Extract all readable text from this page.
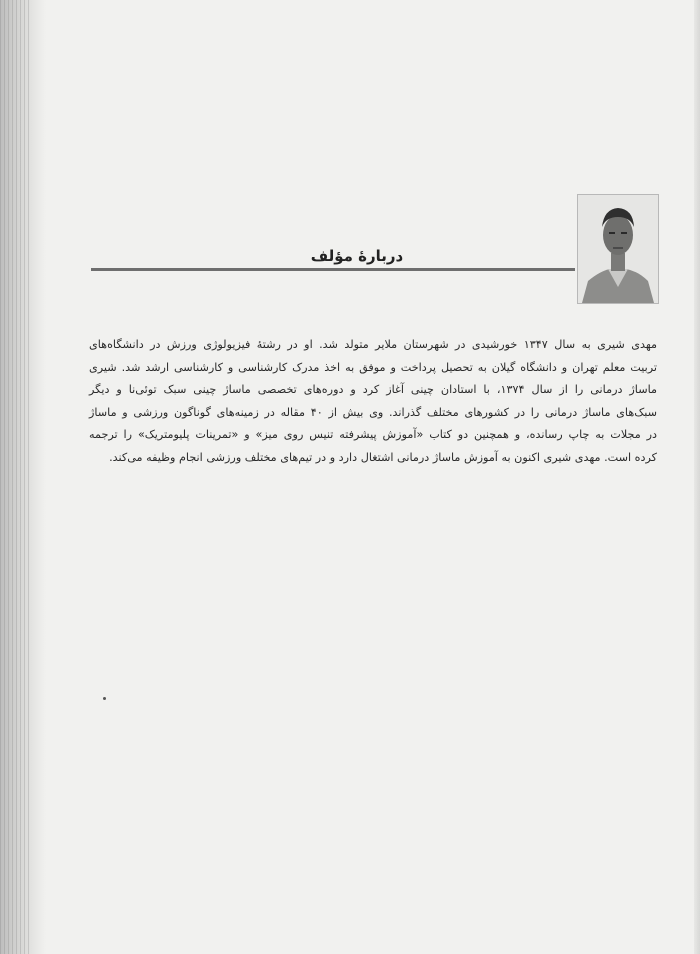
دربارهٔ مؤلف

مهدی شیری به سال ۱۳۴۷ خورشیدی در شهرستان ملایر متولد شد. او در رشتهٔ فیزیولوژی ورزش در دانشگاه‌های
تربیت معلم تهران و دانشگاه گیلان به تحصیل پرداخت و موفق به اخذ مدرک کارشناسی و کارشناسی ارشد شد. شیری
ماساژ درمانی را از سال ۱۳۷۴، با استادان چینی آغاز کرد و دوره‌های تخصصی ماساژ چینی سبک توئی‌نا و دیگر
سبک‌های ماساژ درمانی را در کشورهای مختلف گذراند. وی بیش از ۴۰ مقاله در زمینه‌های گوناگون ورزشی و ماساژ
در مجلات به چاپ رسانده، و همچنین دو کتاب «آموزش پیشرفته تنیس روی میز» و «تمرینات پلیومتریک» را ترجمه
کرده است. مهدی شیری اکنون به آموزش ماساژ درمانی اشتغال دارد و در تیم‌های مختلف ورزشی انجام وظیفه می‌کند.
